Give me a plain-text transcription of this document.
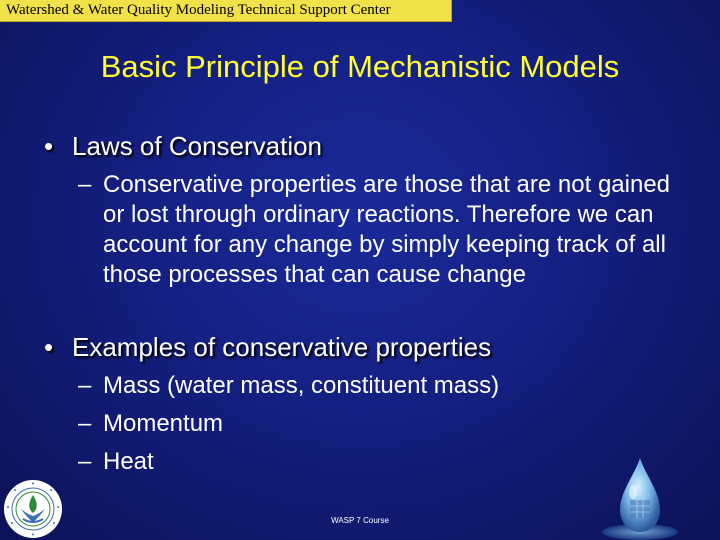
Watershed & Water Quality Modeling Technical Support Center
Basic Principle of Mechanistic Models
• Laws of Conservation
– Conservative properties are those that are not gained or lost through ordinary reactions. Therefore we can account for any change by simply keeping track of all those processes that can cause change
• Examples of conservative properties
– Mass (water mass, constituent mass)
– Momentum
– Heat
WASP 7 Course
